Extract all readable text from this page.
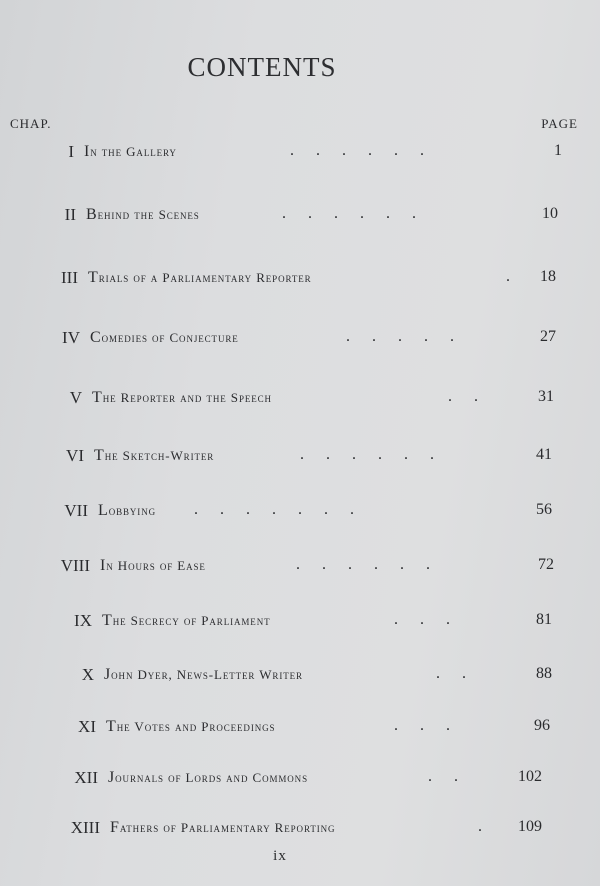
CONTENTS
CHAP.	PAGE
I In the Gallery	......	1
II Behind the Scenes	......	10
III Trials of a Parliamentary Reporter	. 18
IV Comedies of Conjecture	.....	27
V The Reporter and the Speech	..	31
VI The Sketch-Writer	......	41
VII Lobbying .......	56
VIII In Hours of Ease	......	72
IX The Secrecy of Parliament	...	81
X John Dyer, News-Letter Writer	..	88
XI The Votes and Proceedings	...	96
XII Journals of Lords and Commons	..	102
XIII Fathers of Parliamentary Reporting	. 109
ix
